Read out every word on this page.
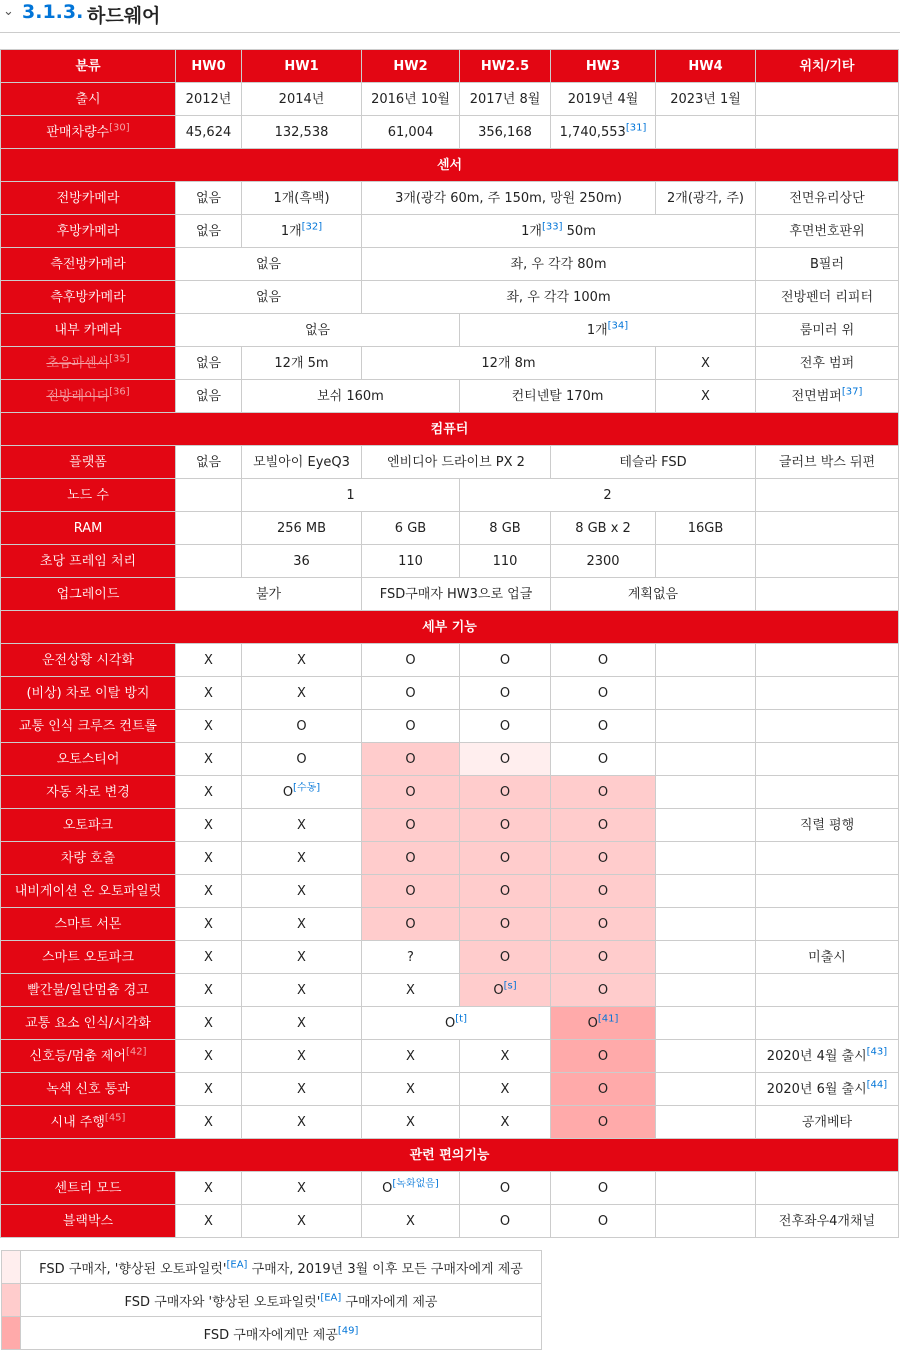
⌄ 3.1.3. 하드웨어
분류	HW0	HW1	HW2	HW2.5	HW3	HW4	위치/기타
출시	2012년	2014년	2016년 10월	2017년 8월	2019년 4월	2023년 1월	
판매차량수[30]	45,624	132,538	61,004	356,168	1,740,553[31]		
센서							
전방카메라	없음	1개(흑백)	3개(광각 60m, 주 150m, 망원 250m)			2개(광각, 주)	전면유리상단
후방카메라	없음	1개[32]	1개[33] 50m				후면번호판위
측전방카메라	없음		좌, 우 각각 80m				B필러
측후방카메라	없음		좌, 우 각각 100m				전방펜더 리피터
내부 카메라	없음			1개[34]			룸미러 위
초음파센서[35]	없음	12개 5m	12개 8m			X	전후 범퍼
전방레이더[36]	없음	보쉬 160m		컨티넨탈 170m		X	전면범퍼[37]
컴퓨터							
플랫폼	없음	모빌아이 EyeQ3	엔비디아 드라이브 PX 2		테슬라 FSD		글러브 박스 뒤편
노드 수		1		2			
RAM		256 MB	6 GB	8 GB	8 GB x 2	16GB	
초당 프레임 처리		36	110	110	2300		
업그레이드	불가		FSD구매자 HW3으로 업글		계획없음		
세부 기능							
운전상황 시각화	X	X	O	O	O		
(비상) 차로 이탈 방지	X	X	O	O	O		
교통 인식 크루즈 컨트롤	X	O	O	O	O		
오토스티어	X	O	O	O	O		
자동 차로 변경	X	O[수동]	O	O	O		
오토파크	X	X	O	O	O		직렬 평행
차량 호출	X	X	O	O	O		
내비게이션 온 오토파일럿	X	X	O	O	O		
스마트 서몬	X	X	O	O	O		
스마트 오토파크	X	X	?	O	O		미출시
빨간불/일단멈춤 경고	X	X	X	O[s]	O		
교통 요소 인식/시각화	X	X	O[t]		O[41]		
신호등/멈춤 제어[42]	X	X	X	X	O		2020년 4월 출시[43]
녹색 신호 통과	X	X	X	X	O		2020년 6월 출시[44]
시내 주행[45]	X	X	X	X	O		공개베타
관련 편의기능							
센트리 모드	X	X	O[녹화없음]	O	O		
블랙박스	X	X	X	O	O		전후좌우4개채널
	FSD 구매자, '향상된 오토파일럿'[EA] 구매자, 2019년 3월 이후 모든 구매자에게 제공
	FSD 구매자와 '향상된 오토파일럿'[EA] 구매자에게 제공
	FSD 구매자에게만 제공[49]
